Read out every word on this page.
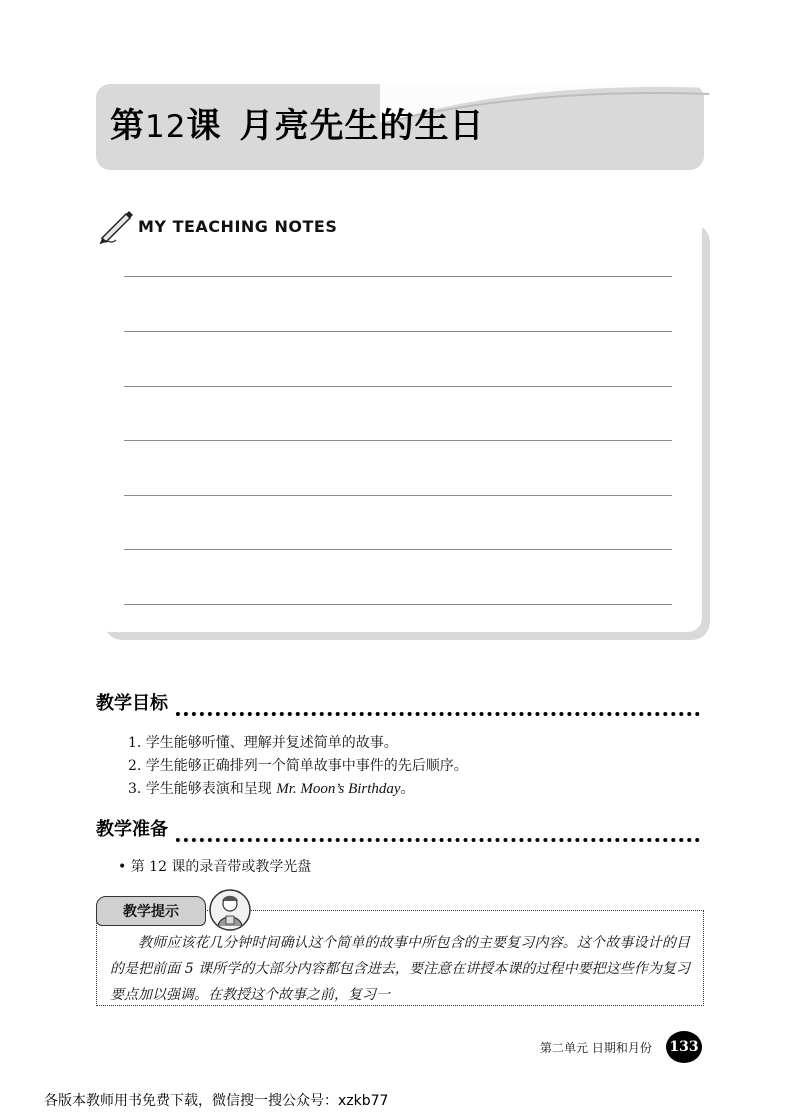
第12课 月亮先生的生日
MY TEACHING NOTES
教学目标
1. 学生能够听懂、理解并复述简单的故事。
2. 学生能够正确排列一个简单故事中事件的先后顺序。
3. 学生能够表演和呈现 Mr. Moon’s Birthday。
教学准备
• 第 12 课的录音带或教学光盘
教学提示
教师应该花几分钟时间确认这个简单的故事中所包含的主要复习内容。这个故事设计的目的是把前面 5 课所学的大部分内容都包含进去，要注意在讲授本课的过程中要把这些作为复习要点加以强调。在教授这个故事之前，复习一
第二单元 日期和月份 133
各版本教师用书免费下载，微信搜一搜公众号：xzkb77
